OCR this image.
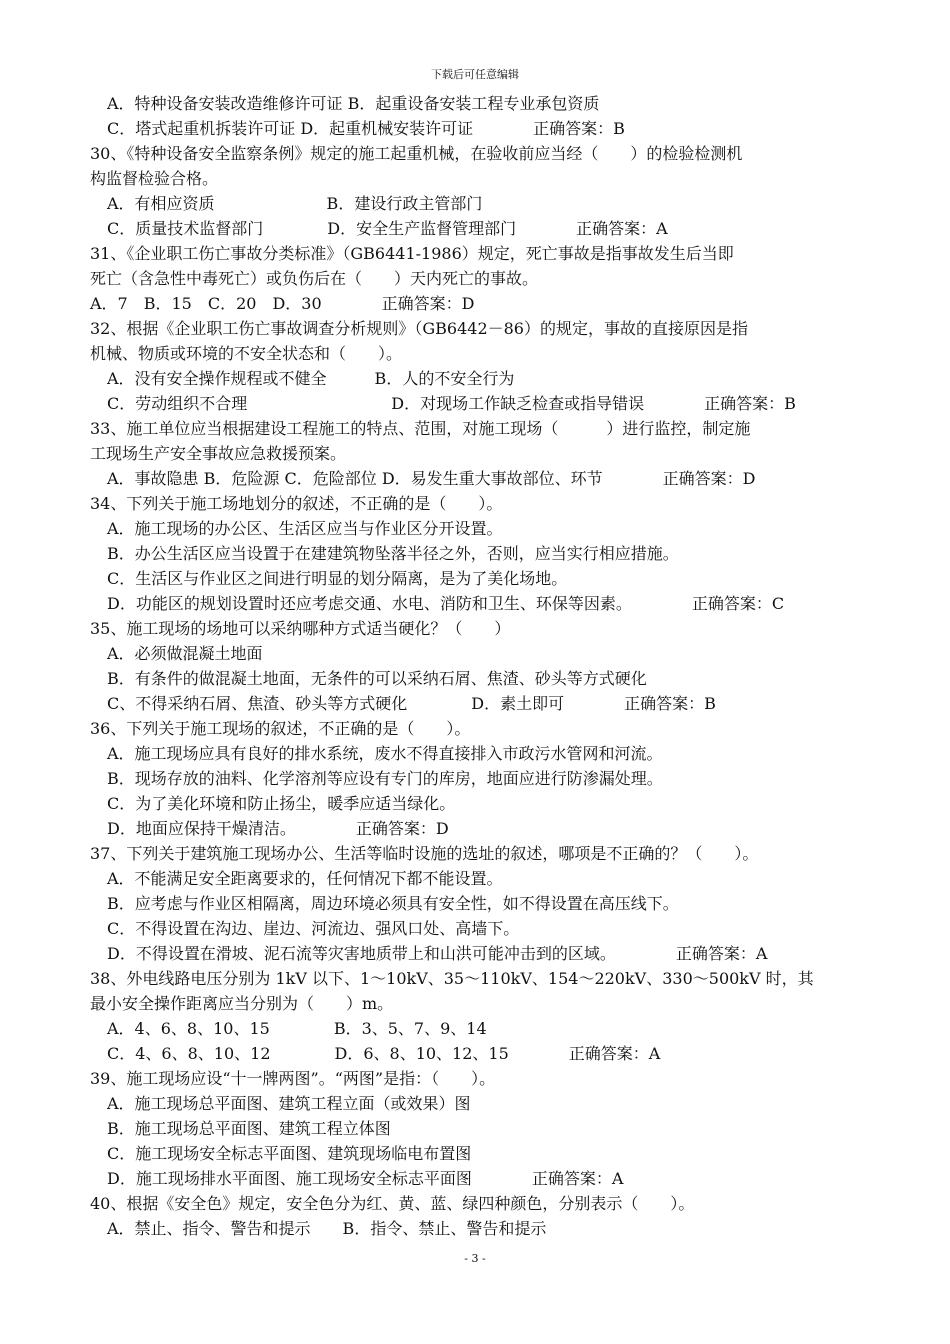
下载后可任意编辑
A．特种设备安装改造维修许可证 B．起重设备安装工程专业承包资质
C．塔式起重机拆装许可证 D．起重机械安装许可证	正确答案：B
30、《特种设备安全监察条例》规定的施工起重机械，在验收前应当经（　　）的检验检测机
构监督检验合格。
A．有相应资质　　　　　　　B．建设行政主管部门
C．质量技术监督部门　　　　D．安全生产监督管理部门	正确答案：A
31、《企业职工伤亡事故分类标准》（GB6441-1986）规定，死亡事故是指事故发生后当即
死亡（含急性中毒死亡）或负伤后在（　　）天内死亡的事故。
A．7　B．15　C．20　D．30	正确答案：D
32、根据《企业职工伤亡事故调查分析规则》（GB6442－86）的规定，事故的直接原因是指
机械、物质或环境的不安全状态和（　　）。
A．没有安全操作规程或不健全　　　B．人的不安全行为
C．劳动组织不合理　　　　　　　　　D．对现场工作缺乏检查或指导错误	正确答案：B
33、施工单位应当根据建设工程施工的特点、范围，对施工现场（　　　）进行监控，制定施
工现场生产安全事故应急救援预案。
A．事故隐患 B．危险源 C．危险部位 D．易发生重大事故部位、环节	正确答案：D
34、下列关于施工场地划分的叙述，不正确的是（　　）。
A．施工现场的办公区、生活区应当与作业区分开设置。
B．办公生活区应当设置于在建建筑物坠落半径之外，否则，应当实行相应措施。
C．生活区与作业区之间进行明显的划分隔离，是为了美化场地。
D．功能区的规划设置时还应考虑交通、水电、消防和卫生、环保等因素。	正确答案：C
35、施工现场的场地可以采纳哪种方式适当硬化？（　　）
A．必须做混凝土地面
B．有条件的做混凝土地面，无条件的可以采纳石屑、焦渣、砂头等方式硬化
C、不得采纳石屑、焦渣、砂头等方式硬化　　　　D．素土即可	正确答案：B
36、下列关于施工现场的叙述，不正确的是（　　）。
A．施工现场应具有良好的排水系统，废水不得直接排入市政污水管网和河流。
B．现场存放的油料、化学溶剂等应设有专门的库房，地面应进行防渗漏处理。
C．为了美化环境和防止扬尘，暖季应适当绿化。
D．地面应保持干燥清洁。	正确答案：D
37、下列关于建筑施工现场办公、生活等临时设施的选址的叙述，哪项是不正确的？（　　）。
A．不能满足安全距离要求的，任何情况下都不能设置。
B．应考虑与作业区相隔离，周边环境必须具有安全性，如不得设置在高压线下。
C．不得设置在沟边、崖边、河流边、强风口处、高墙下。
D．不得设置在滑坡、泥石流等灾害地质带上和山洪可能冲击到的区域。	正确答案：A
38、外电线路电压分别为 1kV 以下、1～10kV、35～110kV、154～220kV、330～500kV 时，其
最小安全操作距离应当分别为（　　）m。
A．4、6、8、10、15　　　　B．3、5、7、9、14
C．4、6、8、10、12　　　　D．6、8、10、12、15	正确答案：A
39、施工现场应设“十一牌两图”。“两图”是指：（　　）。
A．施工现场总平面图、建筑工程立面（或效果）图
B．施工现场总平面图、建筑工程立体图
C．施工现场安全标志平面图、建筑现场临电布置图
D．施工现场排水平面图、施工现场安全标志平面图	正确答案：A
40、根据《安全色》规定，安全色分为红、黄、蓝、绿四种颜色，分别表示（　　）。
A．禁止、指令、警告和提示　　B．指令、禁止、警告和提示
- 3 -
